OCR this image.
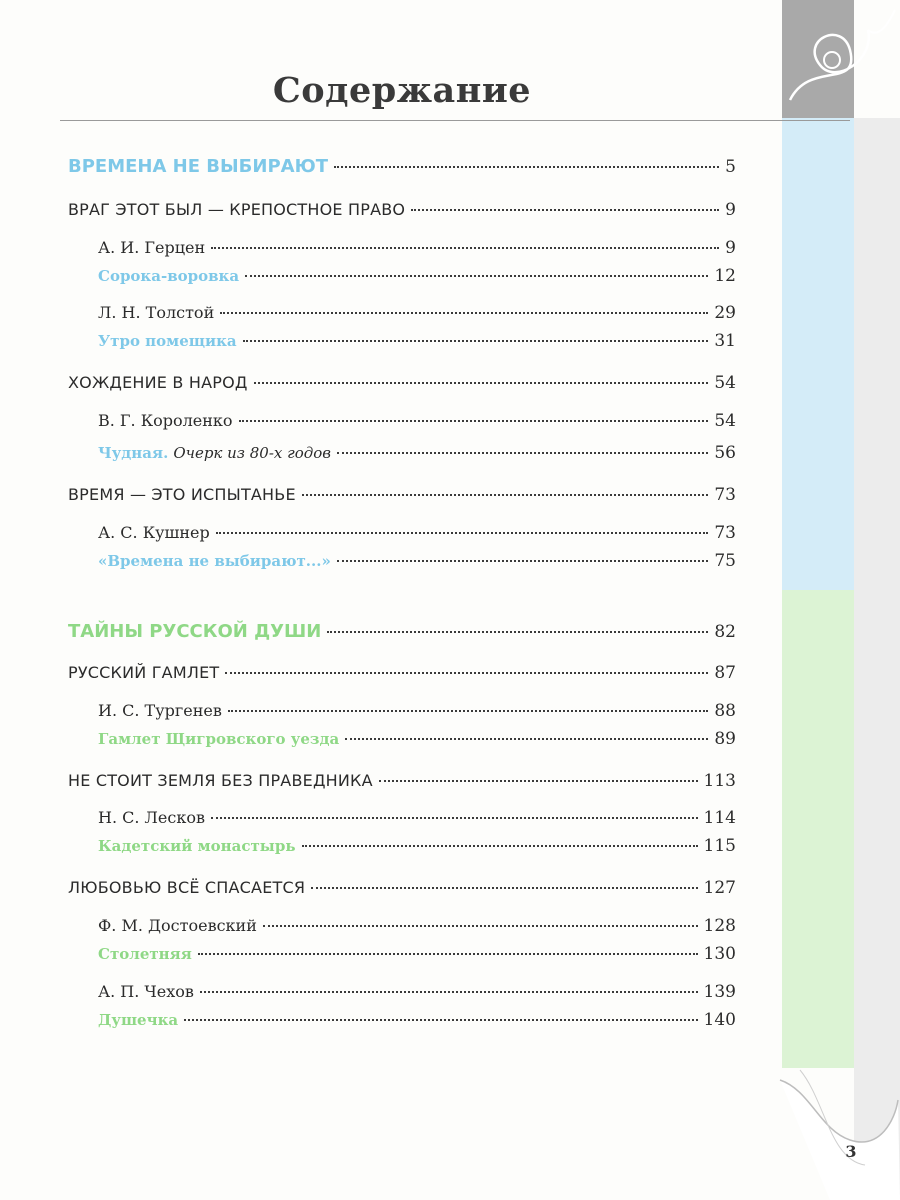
Содержание
ВРЕМЕНА НЕ ВЫБИРАЮТ	5
ВРАГ ЭТОТ БЫЛ — КРЕПОСТНОЕ ПРАВО	9
А. И. Герцен	9
Сорока-воровка	12
Л. Н. Толстой	29
Утро помещика	31
ХОЖДЕНИЕ В НАРОД	54
В. Г. Короленко	54
Чудная. Очерк из 80-х годов	56
ВРЕМЯ — ЭТО ИСПЫТАНЬЕ	73
А. С. Кушнер	73
«Времена не выбирают...»	75
ТАЙНЫ РУССКОЙ ДУШИ	82
РУССКИЙ ГАМЛЕТ	87
И. С. Тургенев	88
Гамлет Щигровского уезда	89
НЕ СТОИТ ЗЕМЛЯ БЕЗ ПРАВЕДНИКА	113
Н. С. Лесков	114
Кадетский монастырь	115
ЛЮБОВЬЮ ВСЁ СПАСАЕТСЯ	127
Ф. М. Достоевский	128
Столетняя	130
А. П. Чехов	139
Душечка	140
3
